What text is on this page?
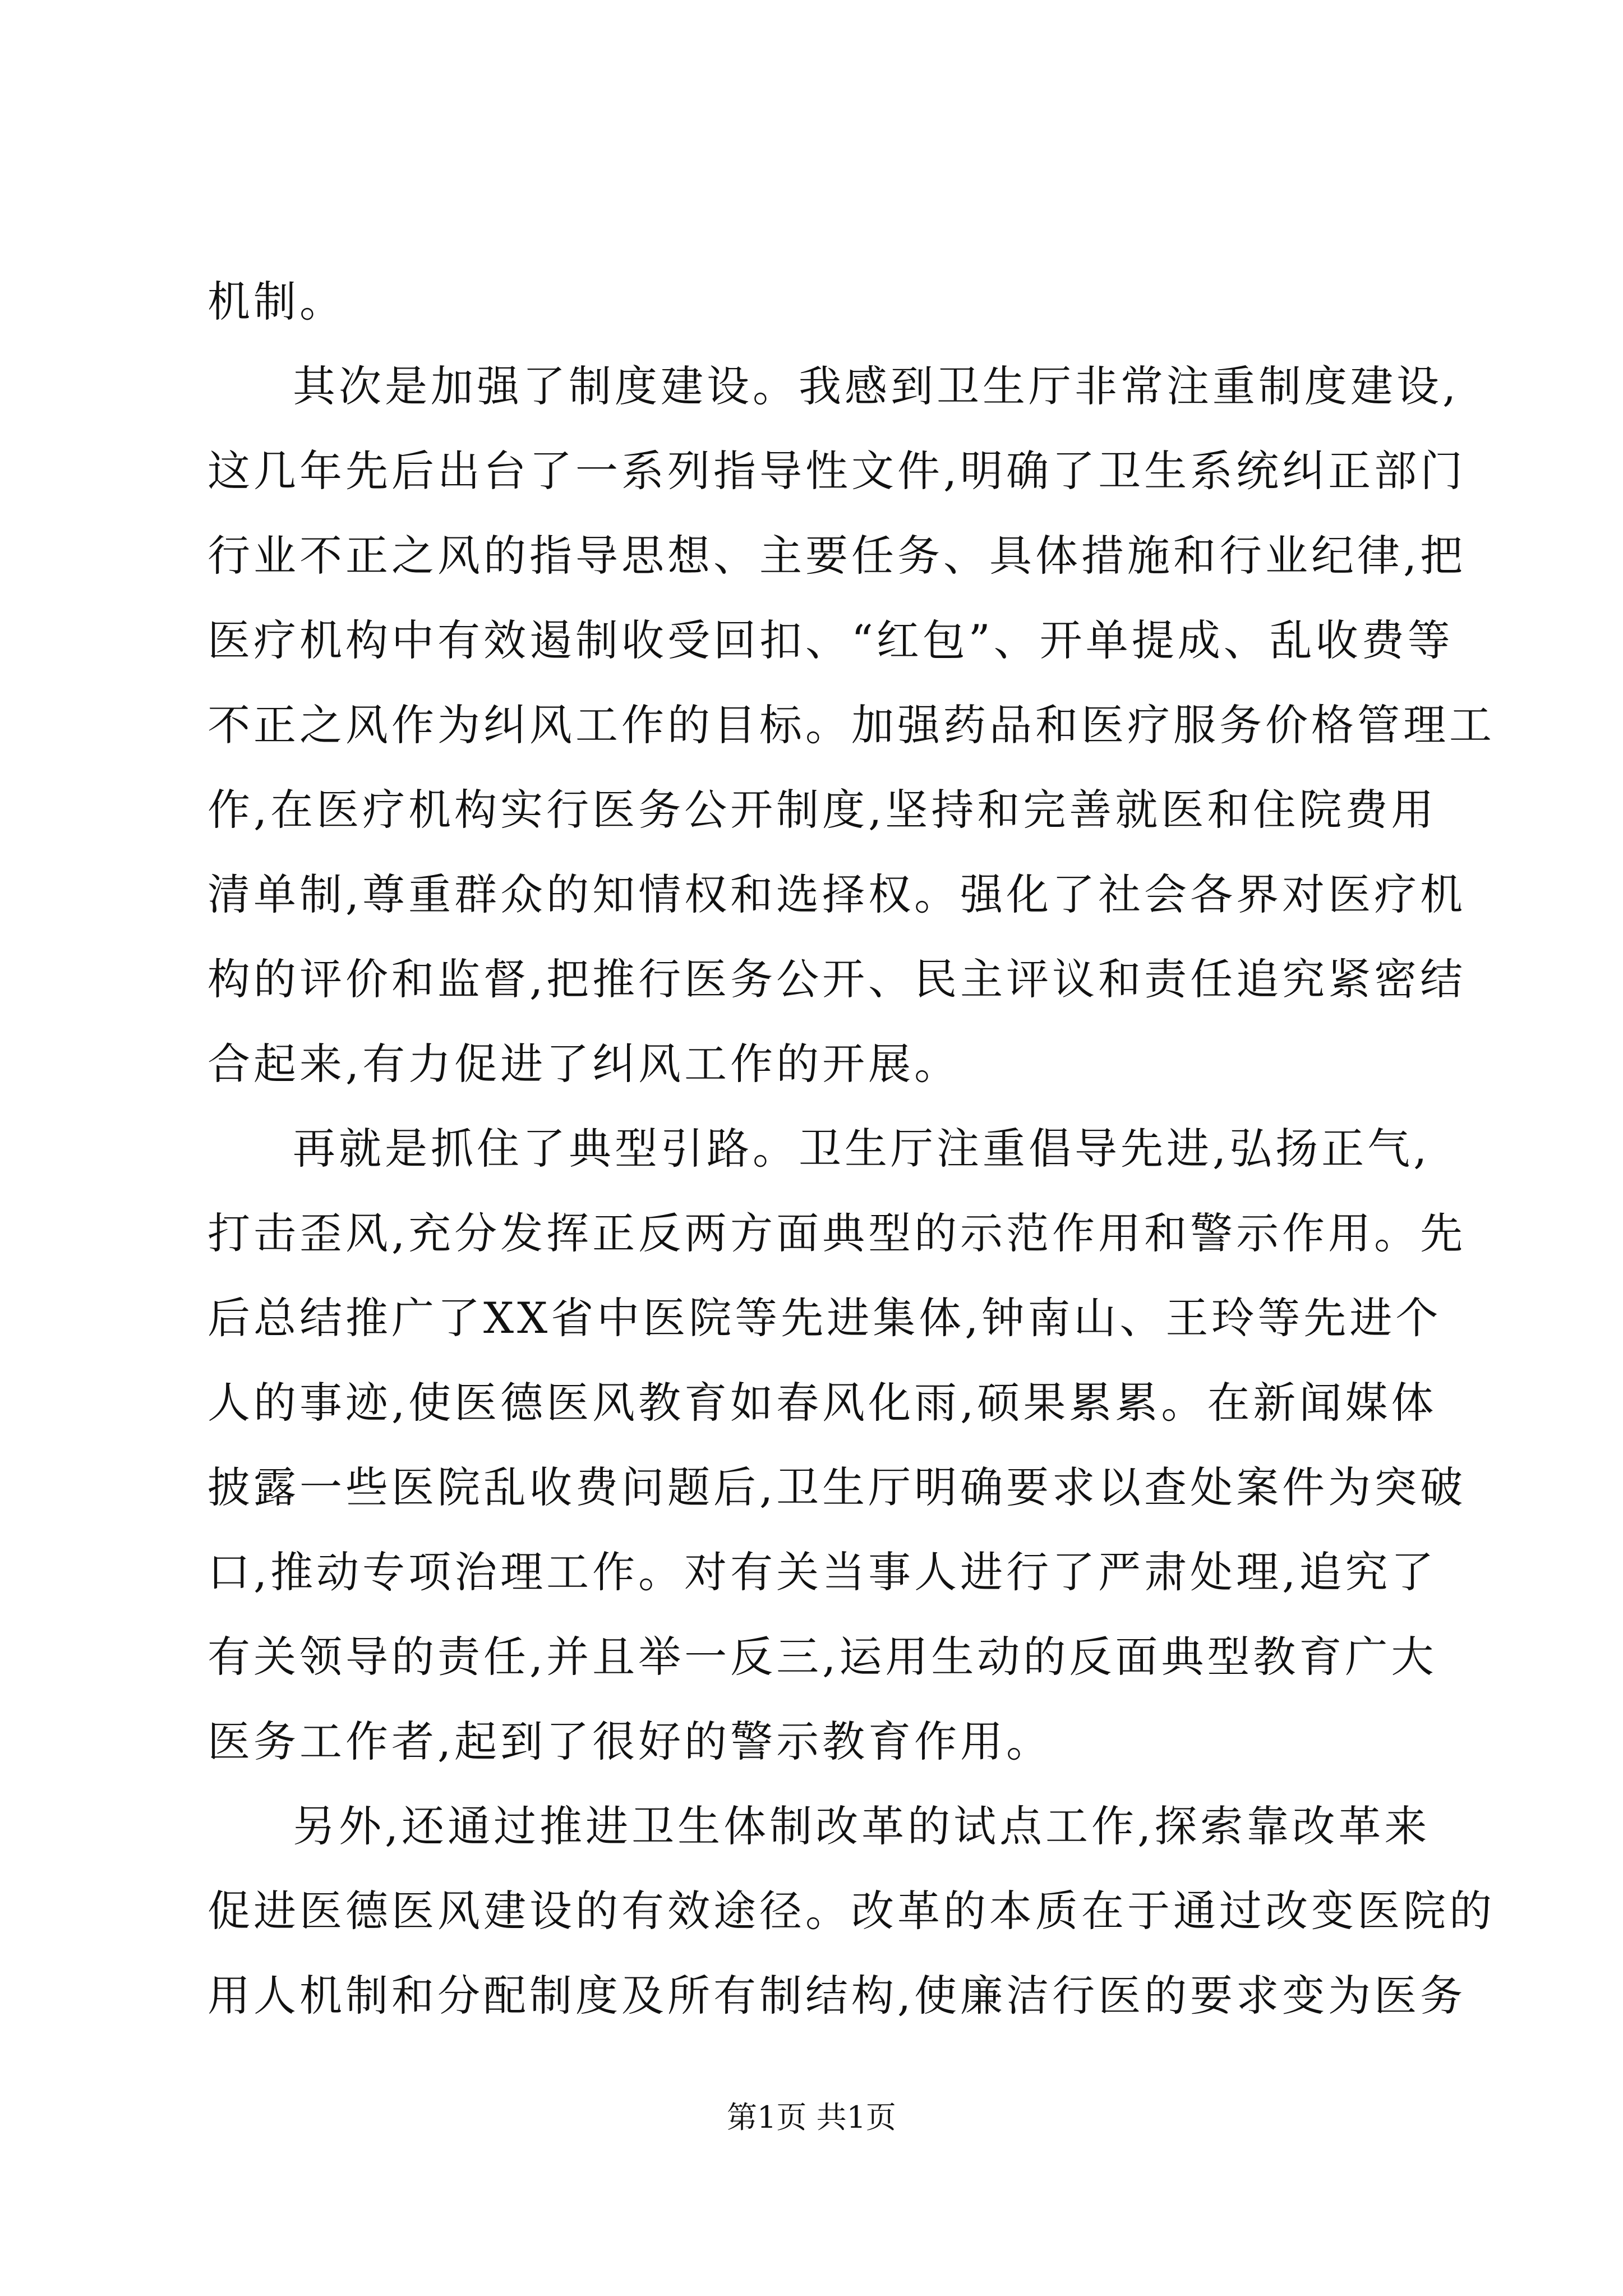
机制。
其次是加强了制度建设。我感到卫生厅非常注重制度建设,
这几年先后出台了一系列指导性文件,明确了卫生系统纠正部门
行业不正之风的指导思想、主要任务、具体措施和行业纪律,把
医疗机构中有效遏制收受回扣、“红包”、开单提成、乱收费等
不正之风作为纠风工作的目标。加强药品和医疗服务价格管理工
作,在医疗机构实行医务公开制度,坚持和完善就医和住院费用
清单制,尊重群众的知情权和选择权。强化了社会各界对医疗机
构的评价和监督,把推行医务公开、民主评议和责任追究紧密结
合起来,有力促进了纠风工作的开展。
再就是抓住了典型引路。卫生厅注重倡导先进,弘扬正气,
打击歪风,充分发挥正反两方面典型的示范作用和警示作用。先
后总结推广了XX省中医院等先进集体,钟南山、王玲等先进个
人的事迹,使医德医风教育如春风化雨,硕果累累。在新闻媒体
披露一些医院乱收费问题后,卫生厅明确要求以查处案件为突破
口,推动专项治理工作。对有关当事人进行了严肃处理,追究了
有关领导的责任,并且举一反三,运用生动的反面典型教育广大
医务工作者,起到了很好的警示教育作用。
另外,还通过推进卫生体制改革的试点工作,探索靠改革来
促进医德医风建设的有效途径。改革的本质在于通过改变医院的
用人机制和分配制度及所有制结构,使廉洁行医的要求变为医务
第1页 共1页
